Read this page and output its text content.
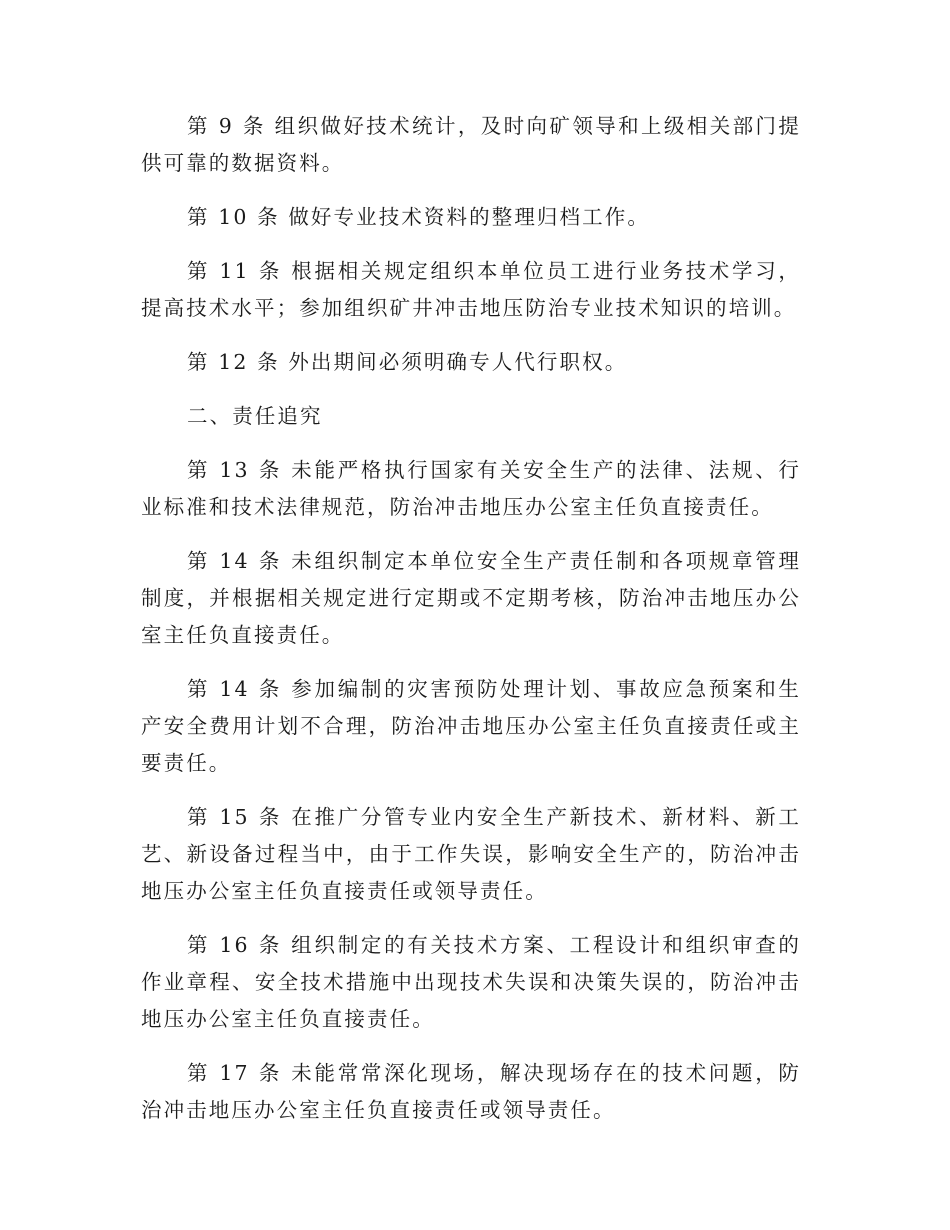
第 9 条 组织做好技术统计，及时向矿领导和上级相关部门提供可靠的数据资料。

第 10 条 做好专业技术资料的整理归档工作。

第 11 条 根据相关规定组织本单位员工进行业务技术学习，提高技术水平；参加组织矿井冲击地压防治专业技术知识的培训。

第 12 条 外出期间必须明确专人代行职权。

二、责任追究

第 13 条 未能严格执行国家有关安全生产的法律、法规、行业标准和技术法律规范，防治冲击地压办公室主任负直接责任。

第 14 条 未组织制定本单位安全生产责任制和各项规章管理制度，并根据相关规定进行定期或不定期考核，防治冲击地压办公室主任负直接责任。

第 14 条 参加编制的灾害预防处理计划、事故应急预案和生产安全费用计划不合理，防治冲击地压办公室主任负直接责任或主要责任。

第 15 条 在推广分管专业内安全生产新技术、新材料、新工艺、新设备过程当中，由于工作失误，影响安全生产的，防治冲击地压办公室主任负直接责任或领导责任。

第 16 条 组织制定的有关技术方案、工程设计和组织审查的作业章程、安全技术措施中出现技术失误和决策失误的，防治冲击地压办公室主任负直接责任。

第 17 条 未能常常深化现场，解决现场存在的技术问题，防治冲击地压办公室主任负直接责任或领导责任。
